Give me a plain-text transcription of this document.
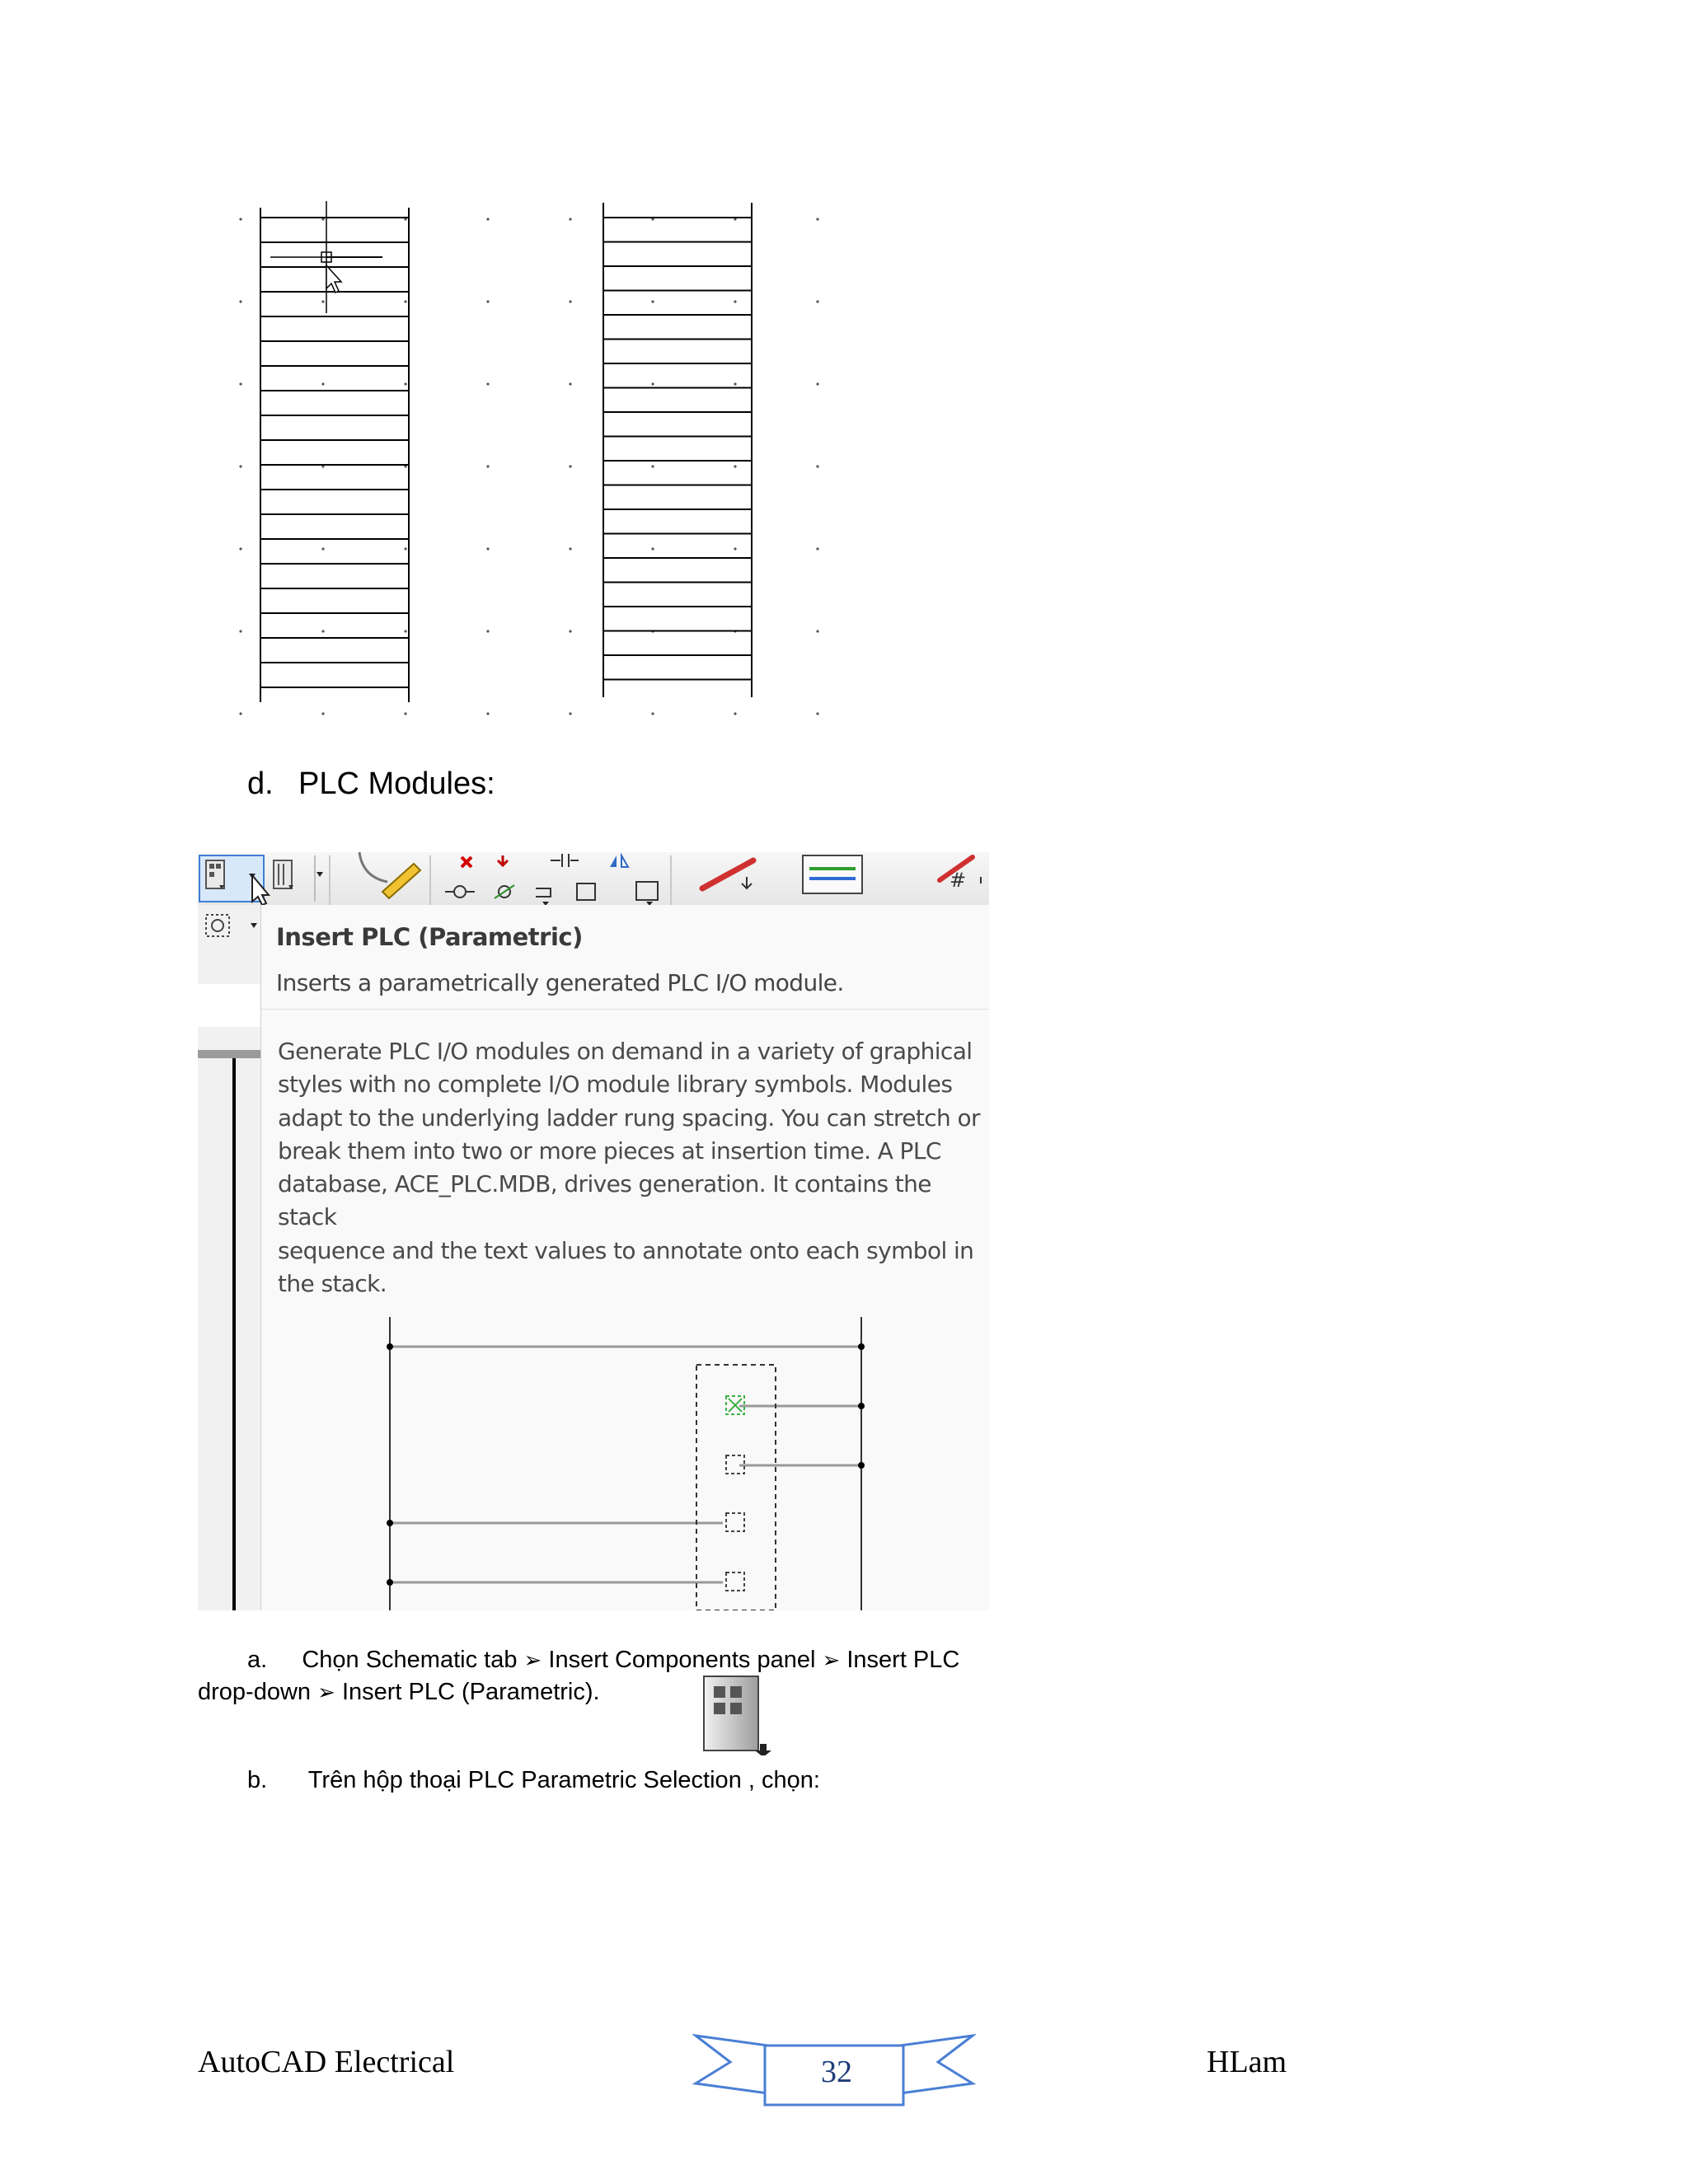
d. PLC Modules:
#
Insert PLC (Parametric)
Inserts a parametrically generated PLC I/O module.
Generate PLC I/O modules on demand in a variety of graphical
styles with no complete I/O module library symbols. Modules
adapt to the underlying ladder rung spacing. You can stretch or
break them into two or more pieces at insertion time. A PLC
database, ACE_PLC.MDB, drives generation. It contains the stack
sequence and the text values to annotate onto each symbol in
the stack.
a. Chọn Schematic tab ➢ Insert Components panel ➢ Insert PLC
drop-down ➢ Insert PLC (Parametric).
b. Trên hộp thoại PLC Parametric Selection , chọn:
AutoCAD Electrical	32	HLam
